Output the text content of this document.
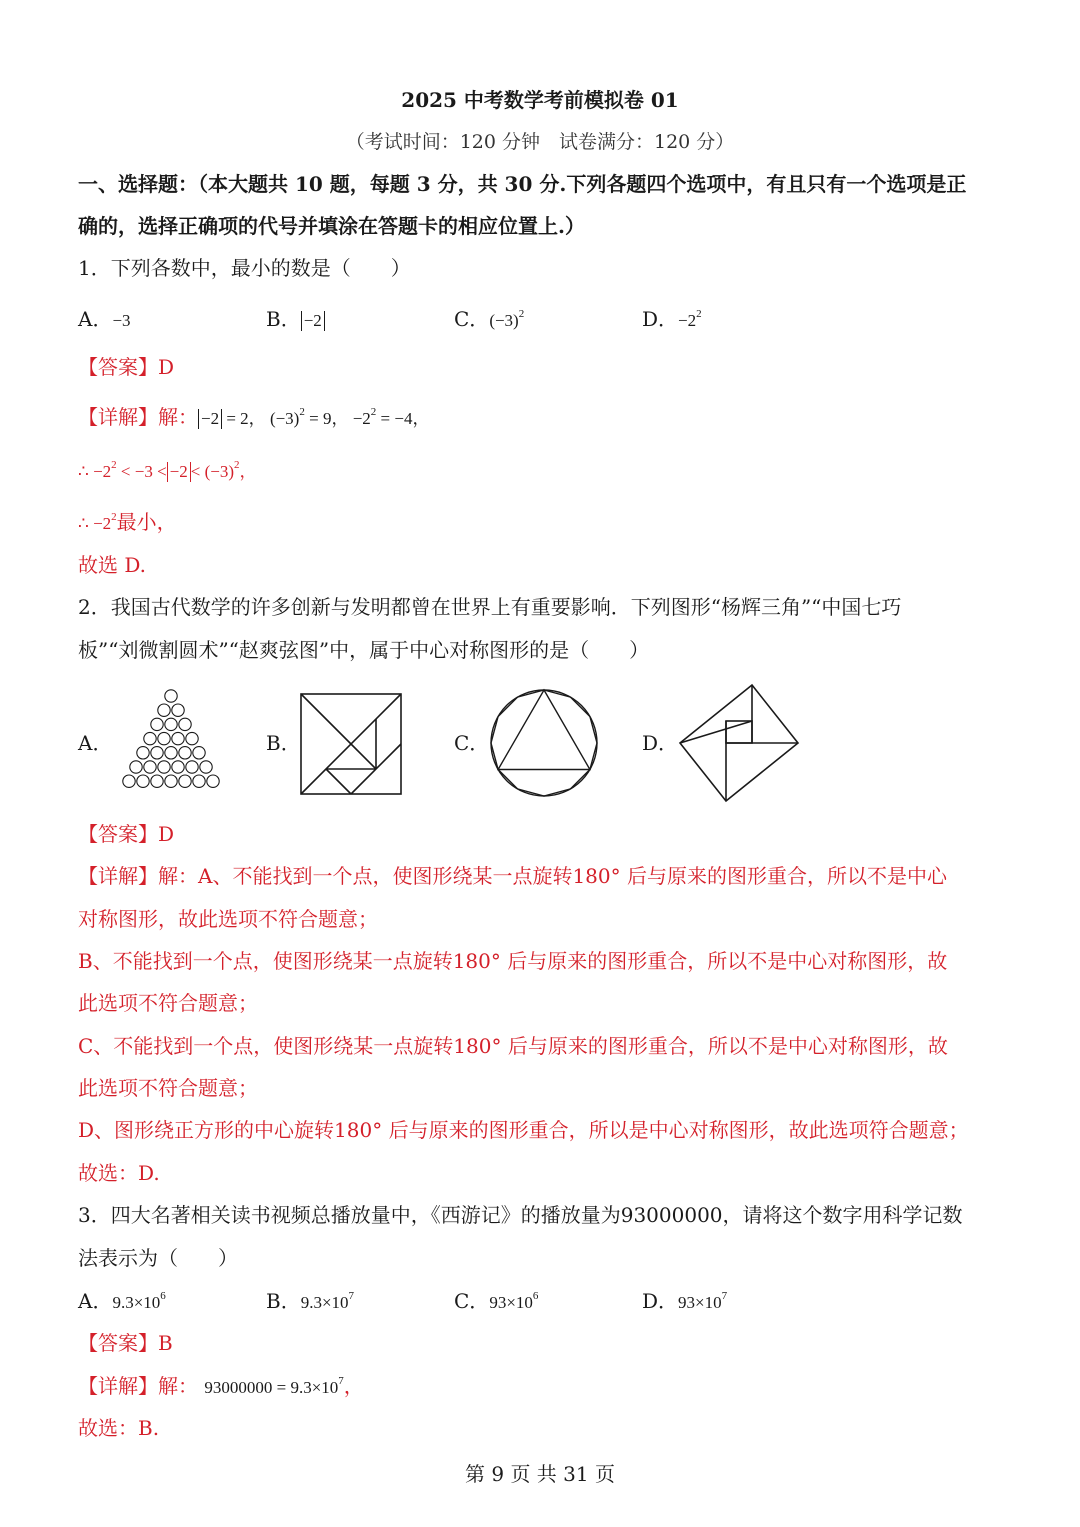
2025 中考数学考前模拟卷 01
（考试时间：120 分钟　试卷满分：120 分）
一、选择题：（本大题共 10 题，每题 3 分，共 30 分.下列各题四个选项中，有且只有一个选项是正
确的，选择正确项的代号并填涂在答题卡的相应位置上.）
1．下列各数中，最小的数是（　　）
A．−3	B． −2	C．$(-3)^2$	D．$-2^2$
【答案】D
【详解】解： −2 = 2， $(-3)^2 = 9$， $-2^2 = -4$，
∴ $-2^2 < -3 < -2 < (-3)^2$，
∴ $-2^2$最小，
故选 D.
2．我国古代数学的许多创新与发明都曾在世界上有重要影响．下列图形“杨辉三角”“中国七巧
板”“刘微割圆术”“赵爽弦图”中，属于中心对称图形的是（　　）
A．	B．	C．	D．
【答案】D
【详解】解：A、不能找到一个点，使图形绕某一点旋转180° 后与原来的图形重合，所以不是中心
对称图形，故此选项不符合题意；
B、不能找到一个点，使图形绕某一点旋转180° 后与原来的图形重合，所以不是中心对称图形，故
此选项不符合题意；
C、不能找到一个点，使图形绕某一点旋转180° 后与原来的图形重合，所以不是中心对称图形，故
此选项不符合题意；
D、图形绕正方形的中心旋转180° 后与原来的图形重合，所以是中心对称图形，故此选项符合题意；
故选：D.
3．四大名著相关读书视频总播放量中，《西游记》的播放量为93000000，请将这个数字用科学记数
法表示为（　　）
A．$9.3\times 10^6$	B．$9.3\times 10^7$	C．$93\times 10^6$	D．$93\times 10^7$
【答案】B
【详解】解： $93000000 = 9.3\times 10^7$，
故选：B.
第 9 页 共 31 页
